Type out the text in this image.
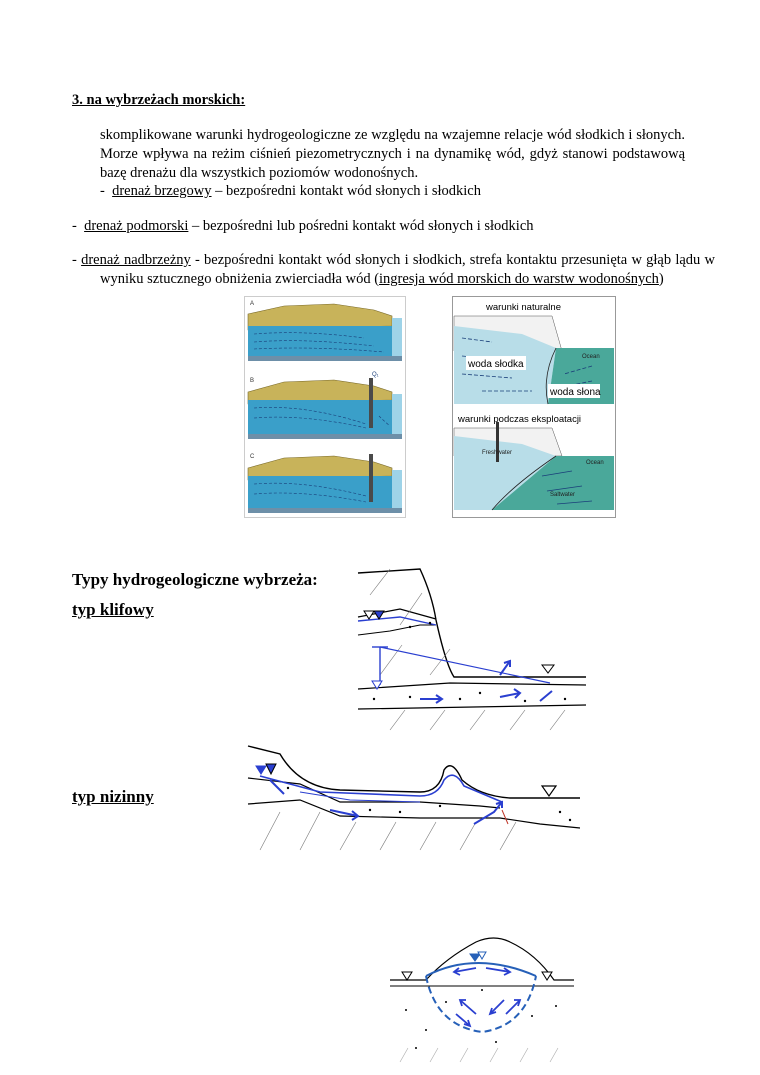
3. na wybrzeżach morskich:
skomplikowane warunki hydrogeologiczne ze względu na wzajemne relacje wód słodkich i słonych. Morze wpływa na reżim ciśnień piezometrycznych i na dynamikę wód, gdyż stanowi podstawową bazę drenażu dla wszystkich poziomów wodonośnych.
- drenaż brzegowy – bezpośredni kontakt wód słonych i słodkich
- drenaż podmorski – bezpośredni lub pośredni kontakt wód słonych i słodkich
- drenaż nadbrzeżny - bezpośredni kontakt wód słonych i słodkich, strefa kontaktu przesunięta w głąb lądu w wyniku sztucznego obniżenia zwierciadła wód (ingresja wód morskich do warstw wodonośnych)
A
B
Q₁
C
warunki naturalne
woda słodka
woda słona
Ocean
warunki podczas eksploatacji
Ocean
Freshwater
Saltwater
Typy hydrogeologiczne wybrzeża:
typ klifowy
typ nizinny
